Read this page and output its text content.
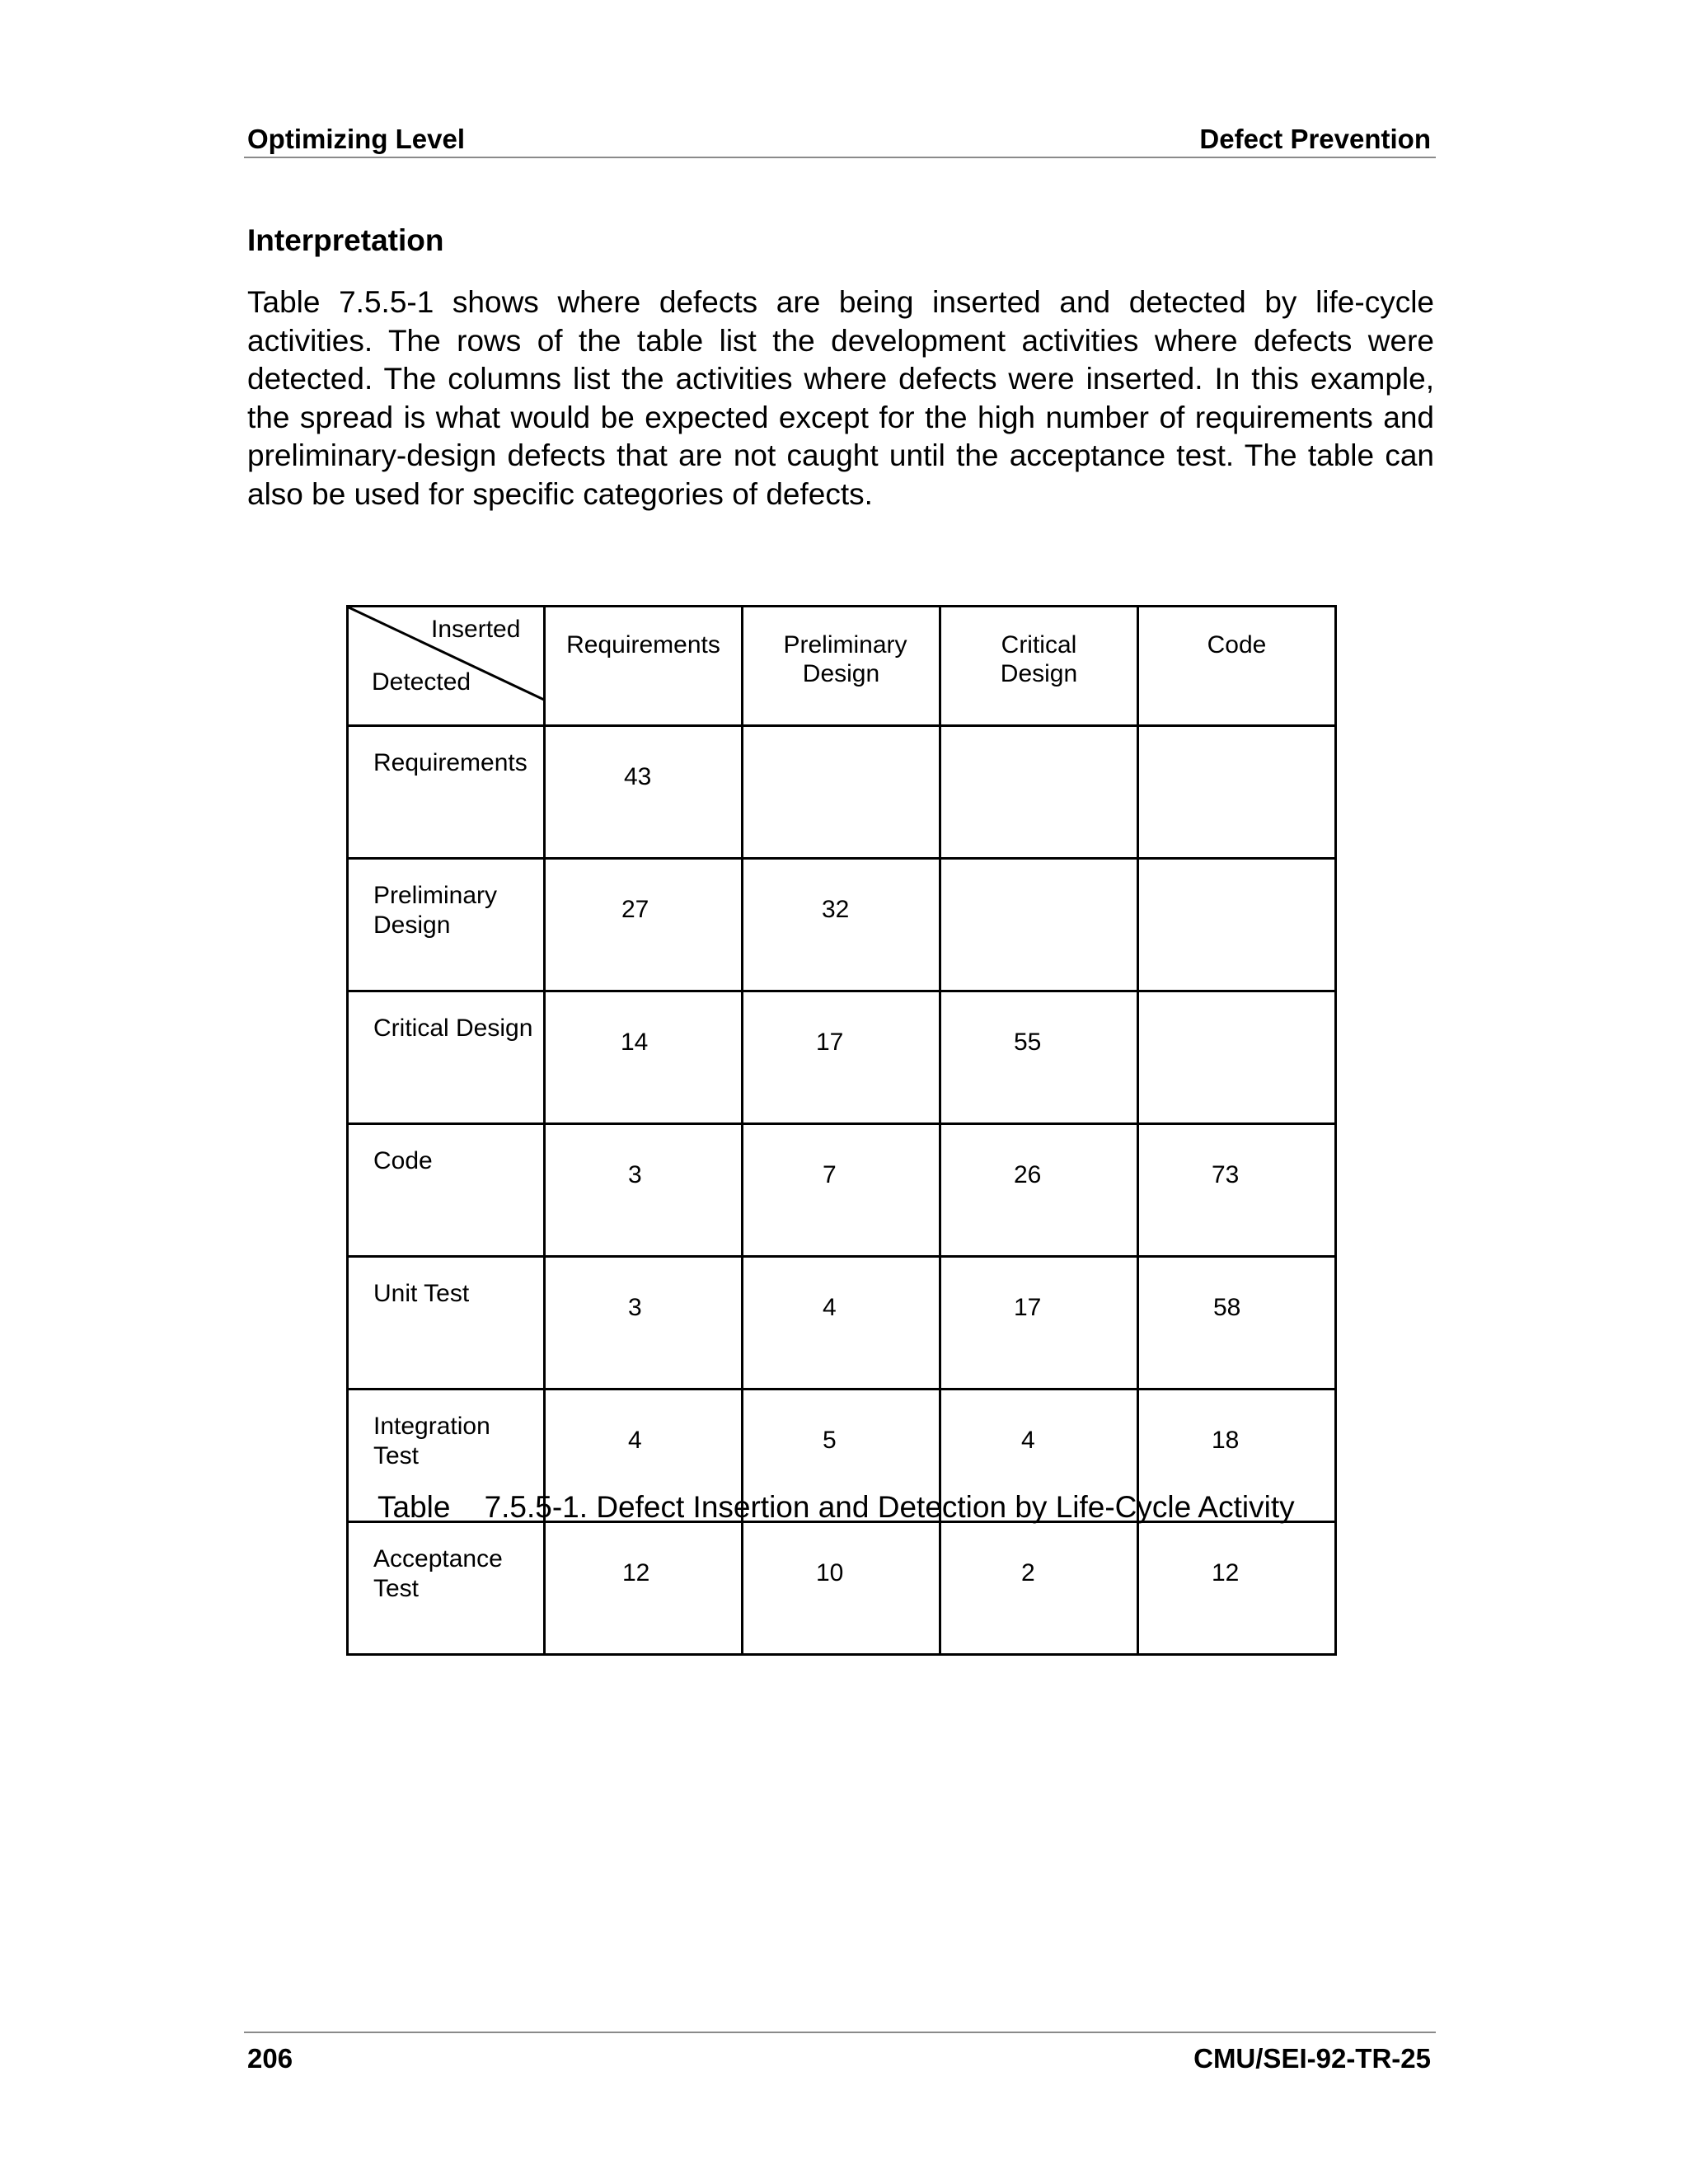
Optimizing Level	Defect Prevention
Interpretation
Table 7.5.5-1 shows where defects are being inserted and detected by life-cycle activities. The rows of the table list the development activities where defects were detected. The columns list the activities where defects were inserted. In this example, the spread is what would be expected except for the high number of requirements and preliminary-design defects that are not caught until the acceptance test. The table can also be used for specific categories of defects.
Inserted
Detected	Requirements	Preliminary Design	Critical Design	Code
Requirements	43			

Preliminary Design	27	32		
Critical Design	14	17	55	
Code	3	7	26	73
Unit Test	3	4	17	58

Integration Test	4	5	4	18

Acceptance Test	12	10	2	12
Table    7.5.5-1. Defect Insertion and Detection by Life-Cycle Activity
206	CMU/SEI-92-TR-25
